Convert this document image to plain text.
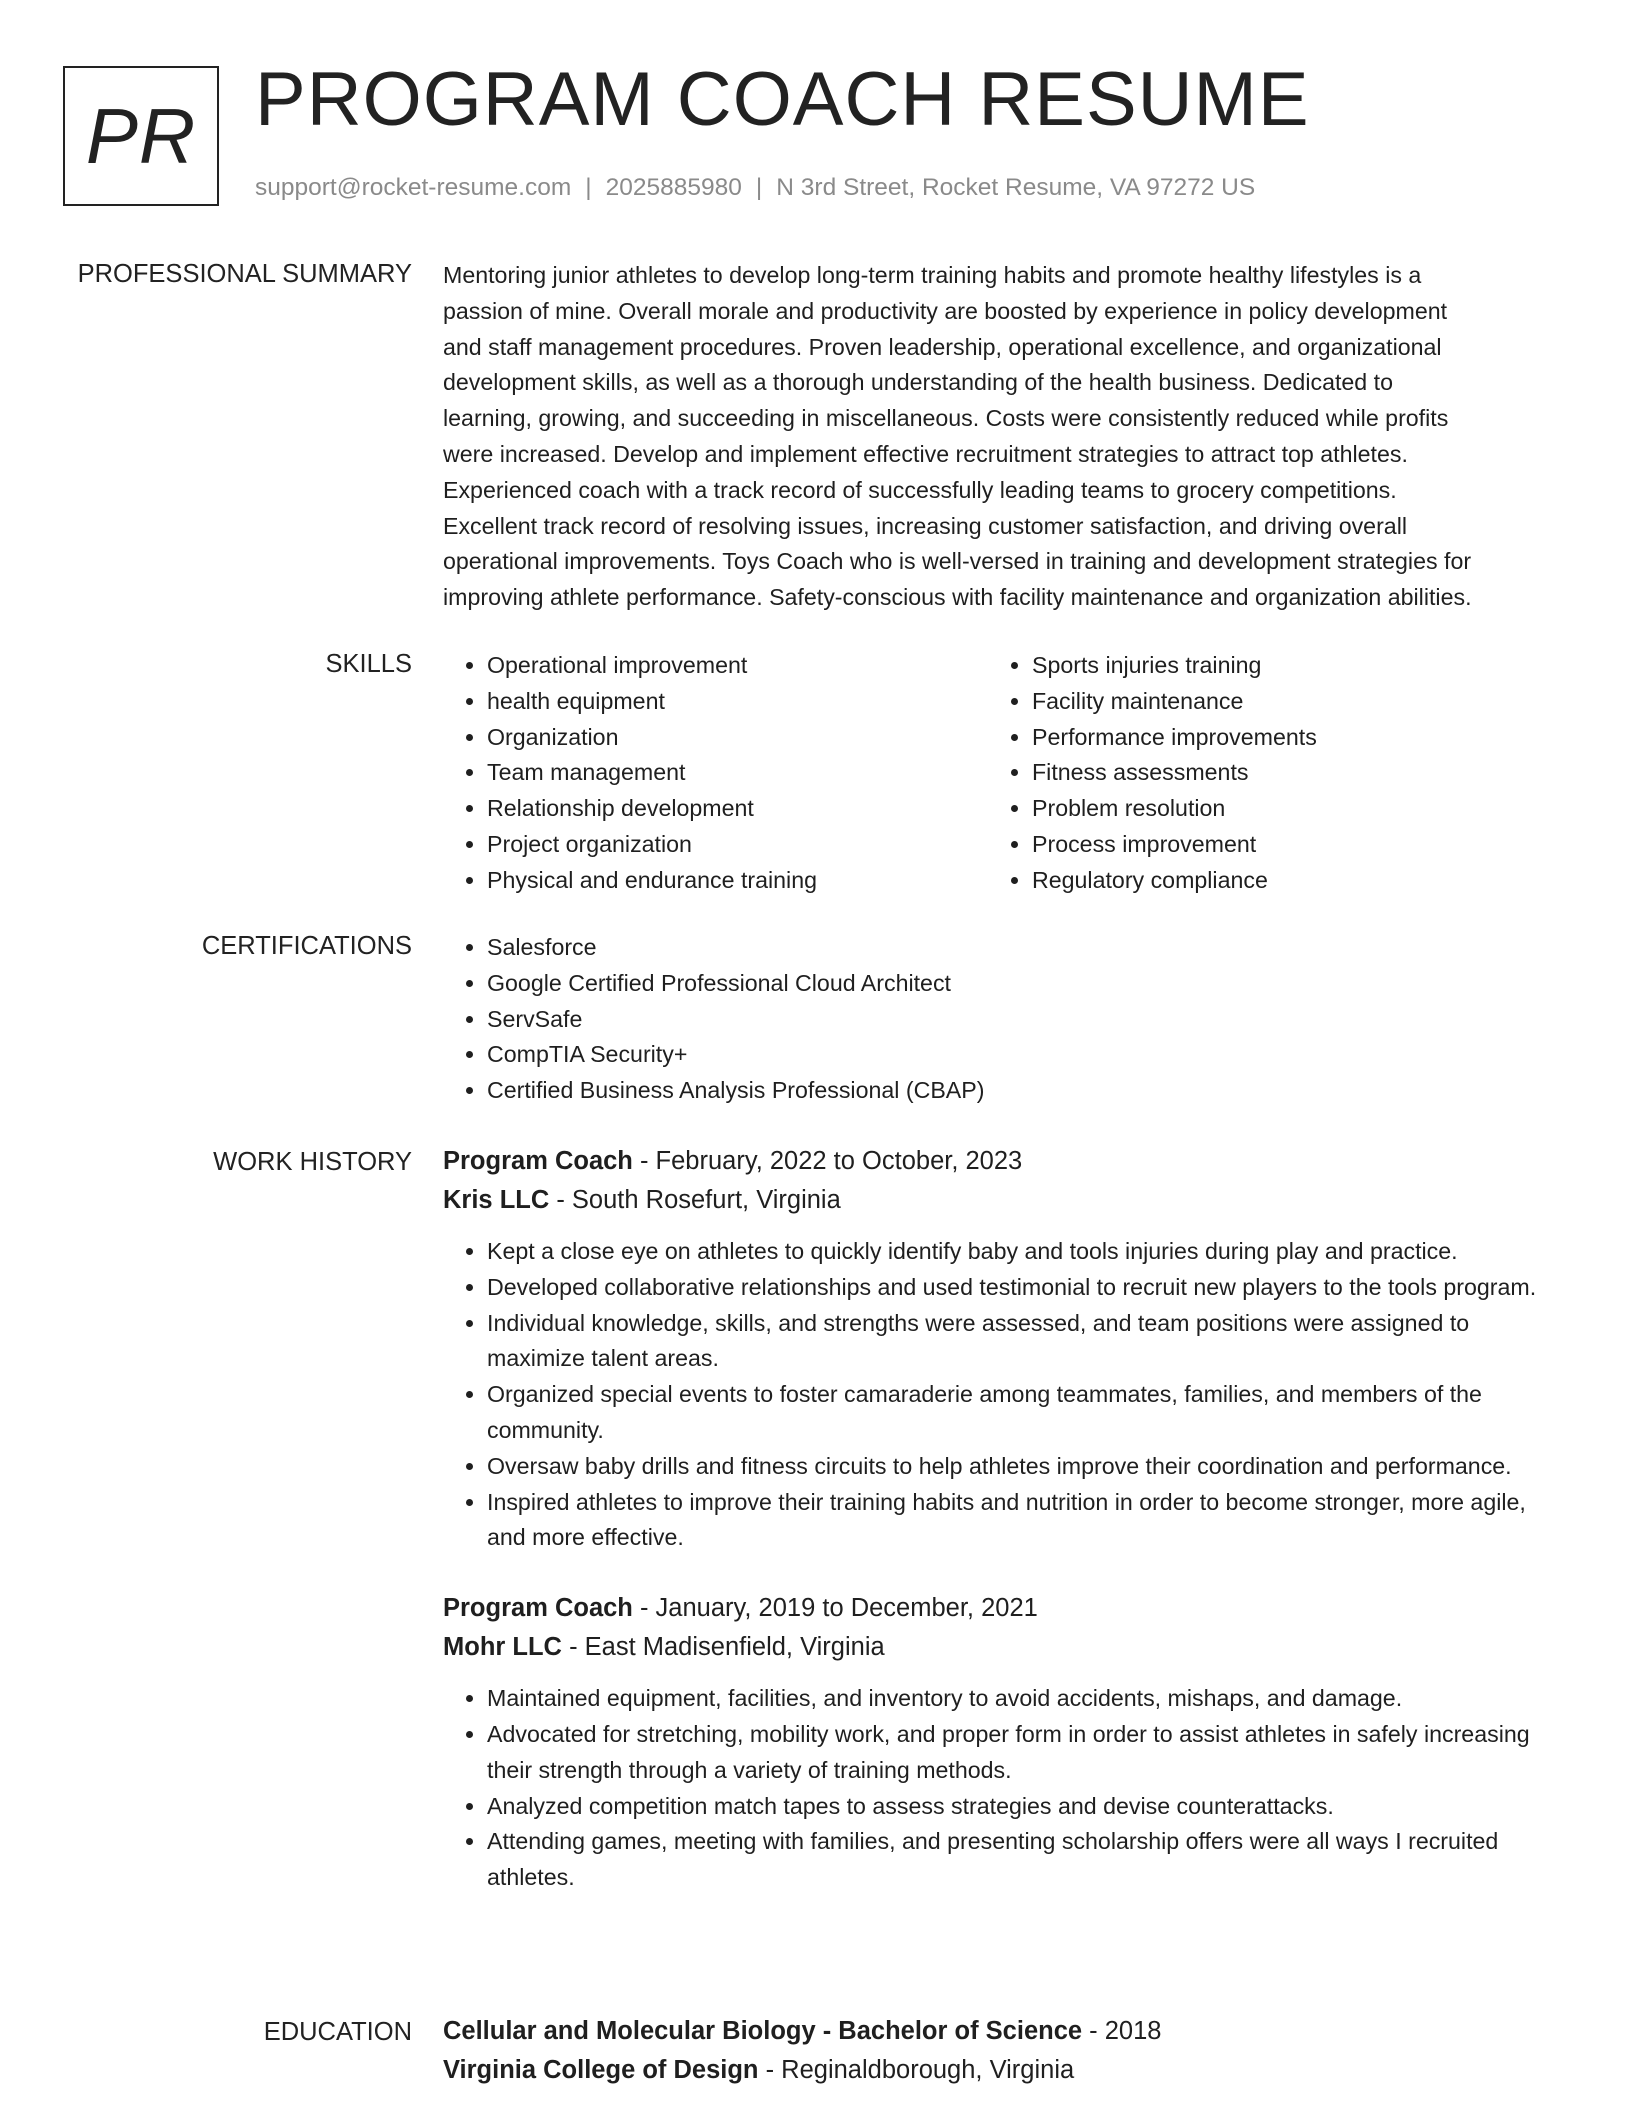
PR PROGRAM COACH RESUME
support@rocket-resume.com | 2025885980 | N 3rd Street, Rocket Resume, VA 97272 US
PROFESSIONAL SUMMARY Mentoring junior athletes to develop long-term training habits and promote healthy lifestyles is a
passion of mine. Overall morale and productivity are boosted by experience in policy development
and staff management procedures. Proven leadership, operational excellence, and organizational
development skills, as well as a thorough understanding of the health business. Dedicated to
learning, growing, and succeeding in miscellaneous. Costs were consistently reduced while profits
were increased. Develop and implement effective recruitment strategies to attract top athletes.
Experienced coach with a track record of successfully leading teams to grocery competitions.
Excellent track record of resolving issues, increasing customer satisfaction, and driving overall
operational improvements. Toys Coach who is well-versed in training and development strategies for
improving athlete performance. Safety-conscious with facility maintenance and organization abilities.
SKILLS	• Operational improvement
• health equipment
• Organization
• Team management
• Relationship development
• Project organization
• Physical and endurance training
• Sports injuries training
• Facility maintenance
• Performance improvements
• Fitness assessments
• Problem resolution
• Process improvement
• Regulatory compliance
CERTIFICATIONS	• Salesforce
• Google Certified Professional Cloud Architect
• ServSafe
• CompTIA Security+
• Certified Business Analysis Professional (CBAP)
WORK HISTORY Program Coach - February, 2022 to October, 2023
Kris LLC - South Rosefurt, Virginia
• Kept a close eye on athletes to quickly identify baby and tools injuries during play and practice.
• Developed collaborative relationships and used testimonial to recruit new players to the tools program.
• Individual knowledge, skills, and strengths were assessed, and team positions were assigned to maximize talent areas.
• Organized special events to foster camaraderie among teammates, families, and members of the community.
• Oversaw baby drills and fitness circuits to help athletes improve their coordination and performance.
• Inspired athletes to improve their training habits and nutrition in order to become stronger, more agile, and more effective.
Program Coach - January, 2019 to December, 2021
Mohr LLC - East Madisenfield, Virginia
• Maintained equipment, facilities, and inventory to avoid accidents, mishaps, and damage.
• Advocated for stretching, mobility work, and proper form in order to assist athletes in safely increasing their strength through a variety of training methods.
• Analyzed competition match tapes to assess strategies and devise counterattacks.
• Attending games, meeting with families, and presenting scholarship offers were all ways I recruited athletes.
EDUCATION Cellular and Molecular Biology - Bachelor of Science - 2018
Virginia College of Design - Reginaldborough, Virginia
